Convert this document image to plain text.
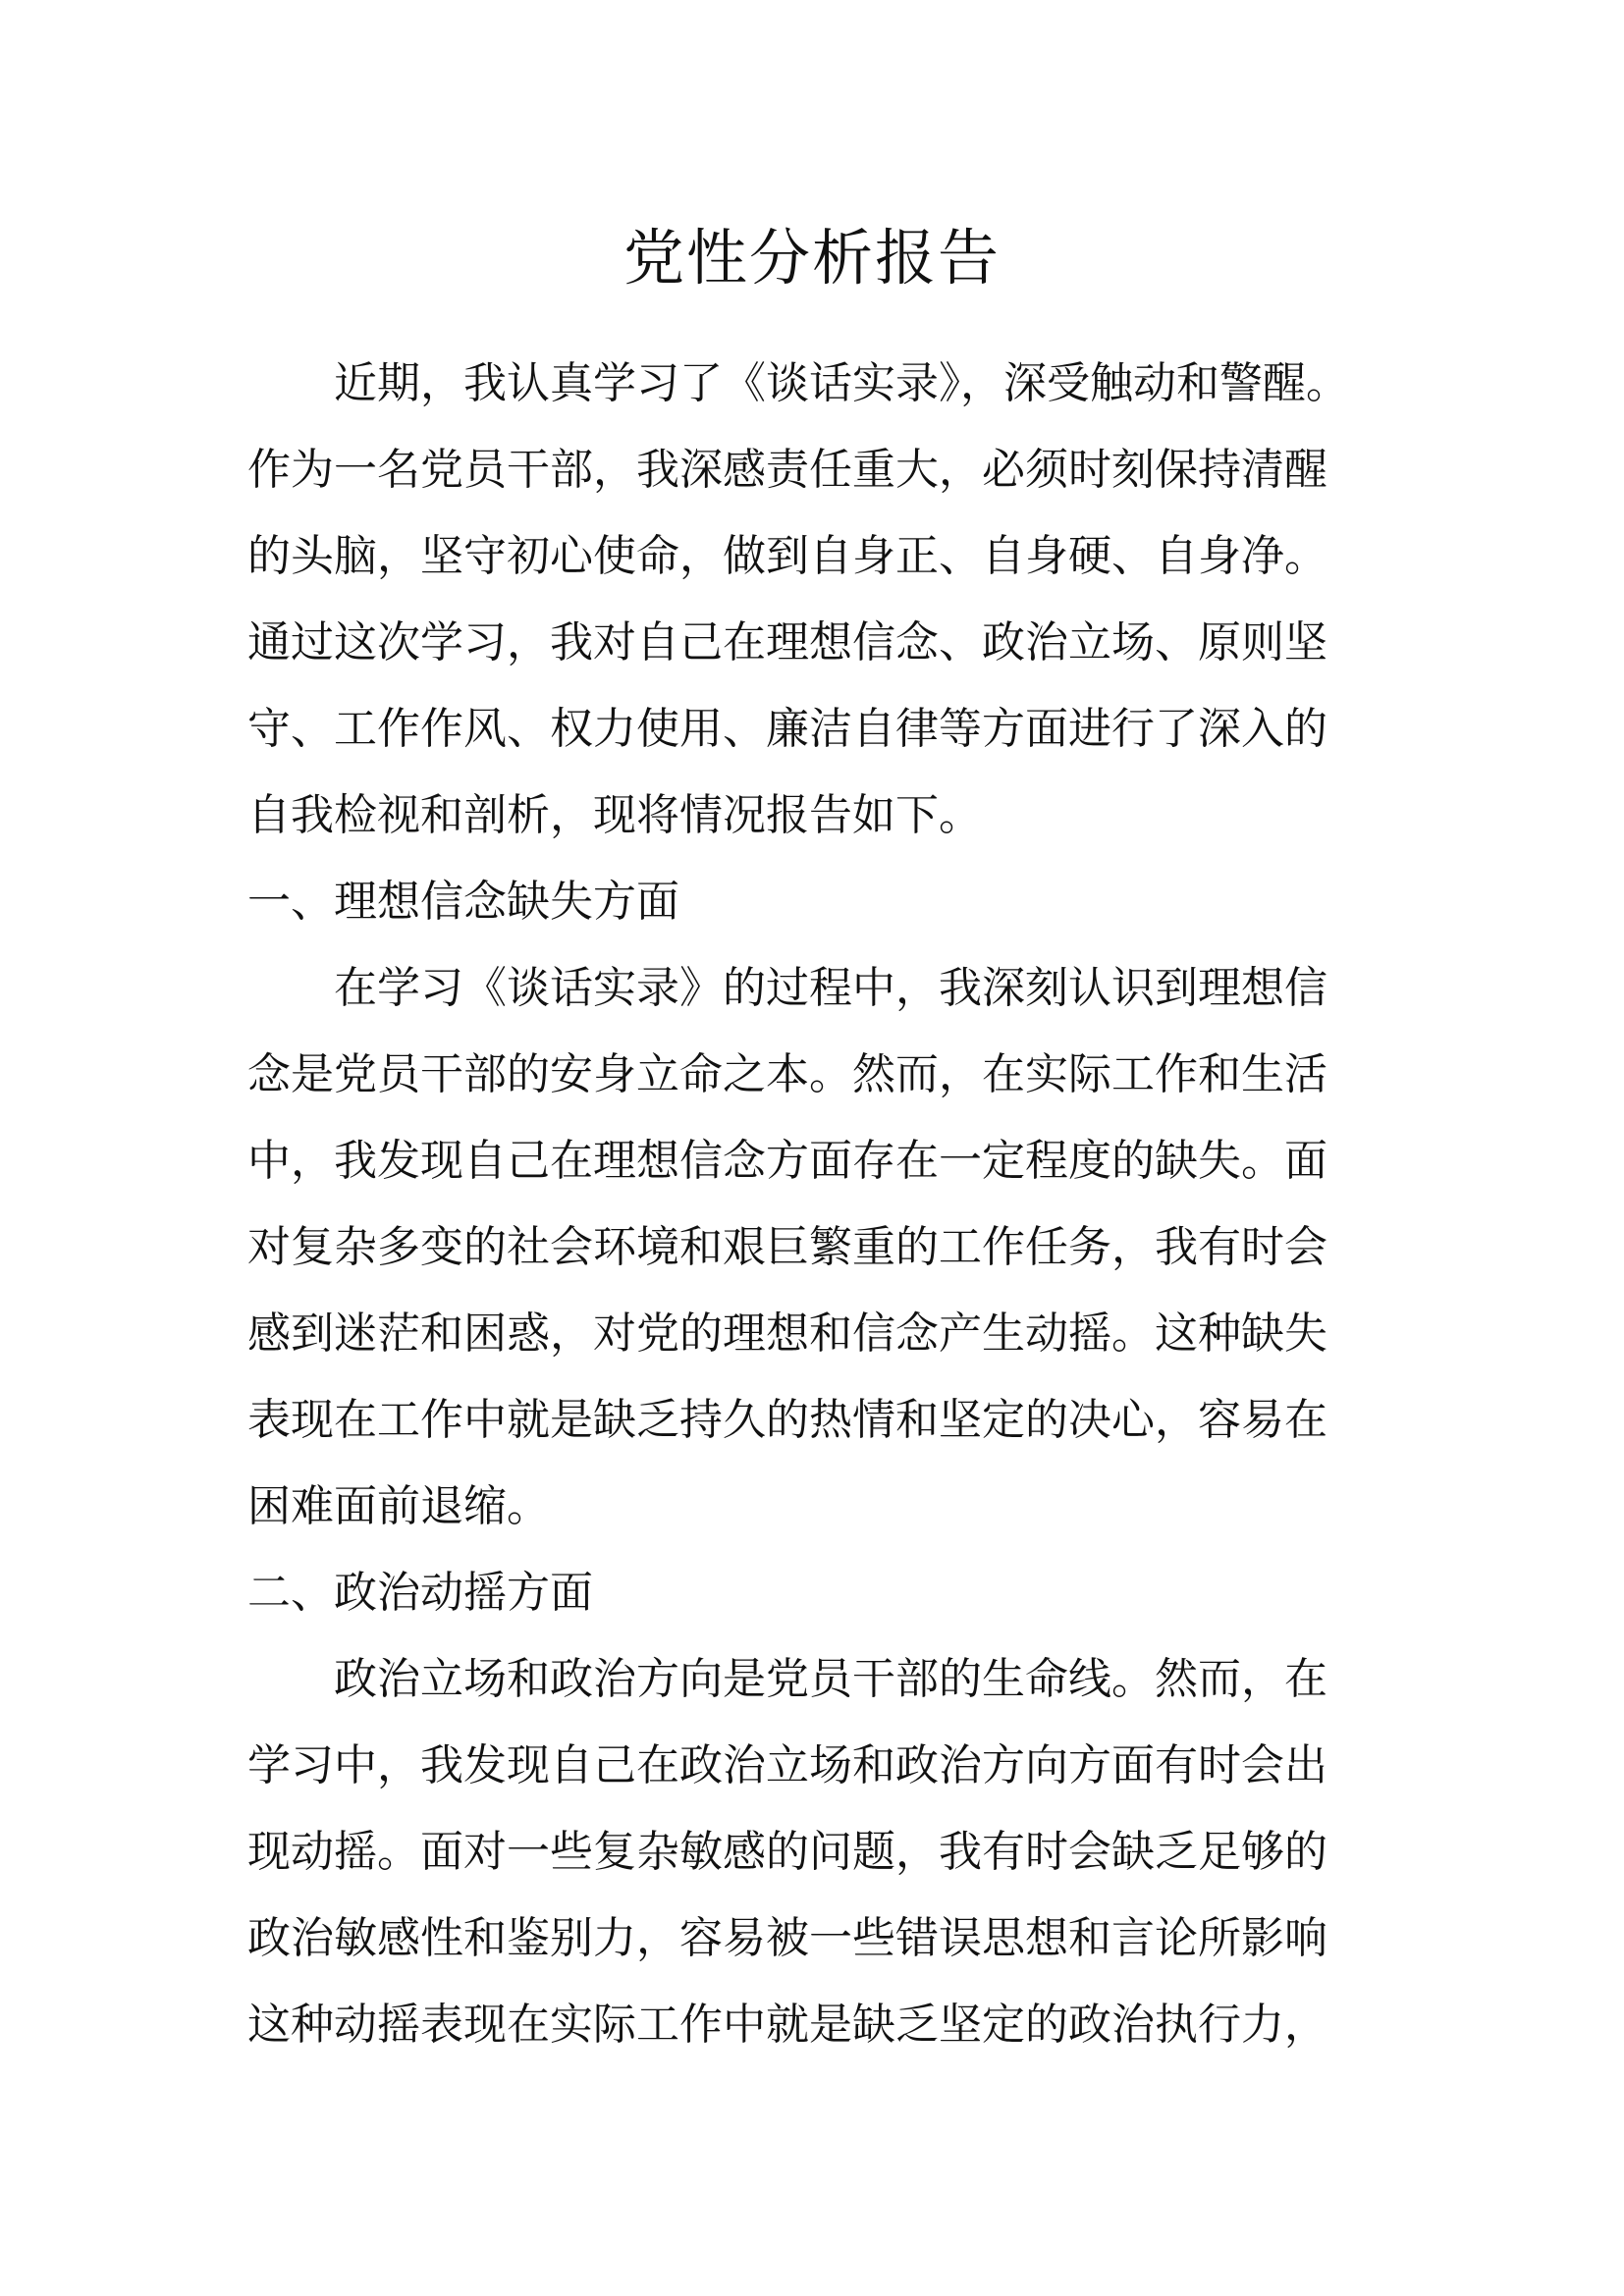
党性分析报告

近期，我认真学习了《谈话实录》，深受触动和警醒。

作为一名党员干部，我深感责任重大，必须时刻保持清醒

的头脑，坚守初心使命，做到自身正、自身硬、自身净。

通过这次学习，我对自己在理想信念、政治立场、原则坚

守、工作作风、权力使用、廉洁自律等方面进行了深入的

自我检视和剖析，现将情况报告如下。

一、理想信念缺失方面

在学习《谈话实录》的过程中，我深刻认识到理想信

念是党员干部的安身立命之本。然而，在实际工作和生活

中，我发现自己在理想信念方面存在一定程度的缺失。面

对复杂多变的社会环境和艰巨繁重的工作任务，我有时会

感到迷茫和困惑，对党的理想和信念产生动摇。这种缺失

表现在工作中就是缺乏持久的热情和坚定的决心，容易在

困难面前退缩。

二、政治动摇方面

政治立场和政治方向是党员干部的生命线。然而，在

学习中，我发现自己在政治立场和政治方向方面有时会出

现动摇。面对一些复杂敏感的问题，我有时会缺乏足够的

政治敏感性和鉴别力，容易被一些错误思想和言论所影响

这种动摇表现在实际工作中就是缺乏坚定的政治执行力，
